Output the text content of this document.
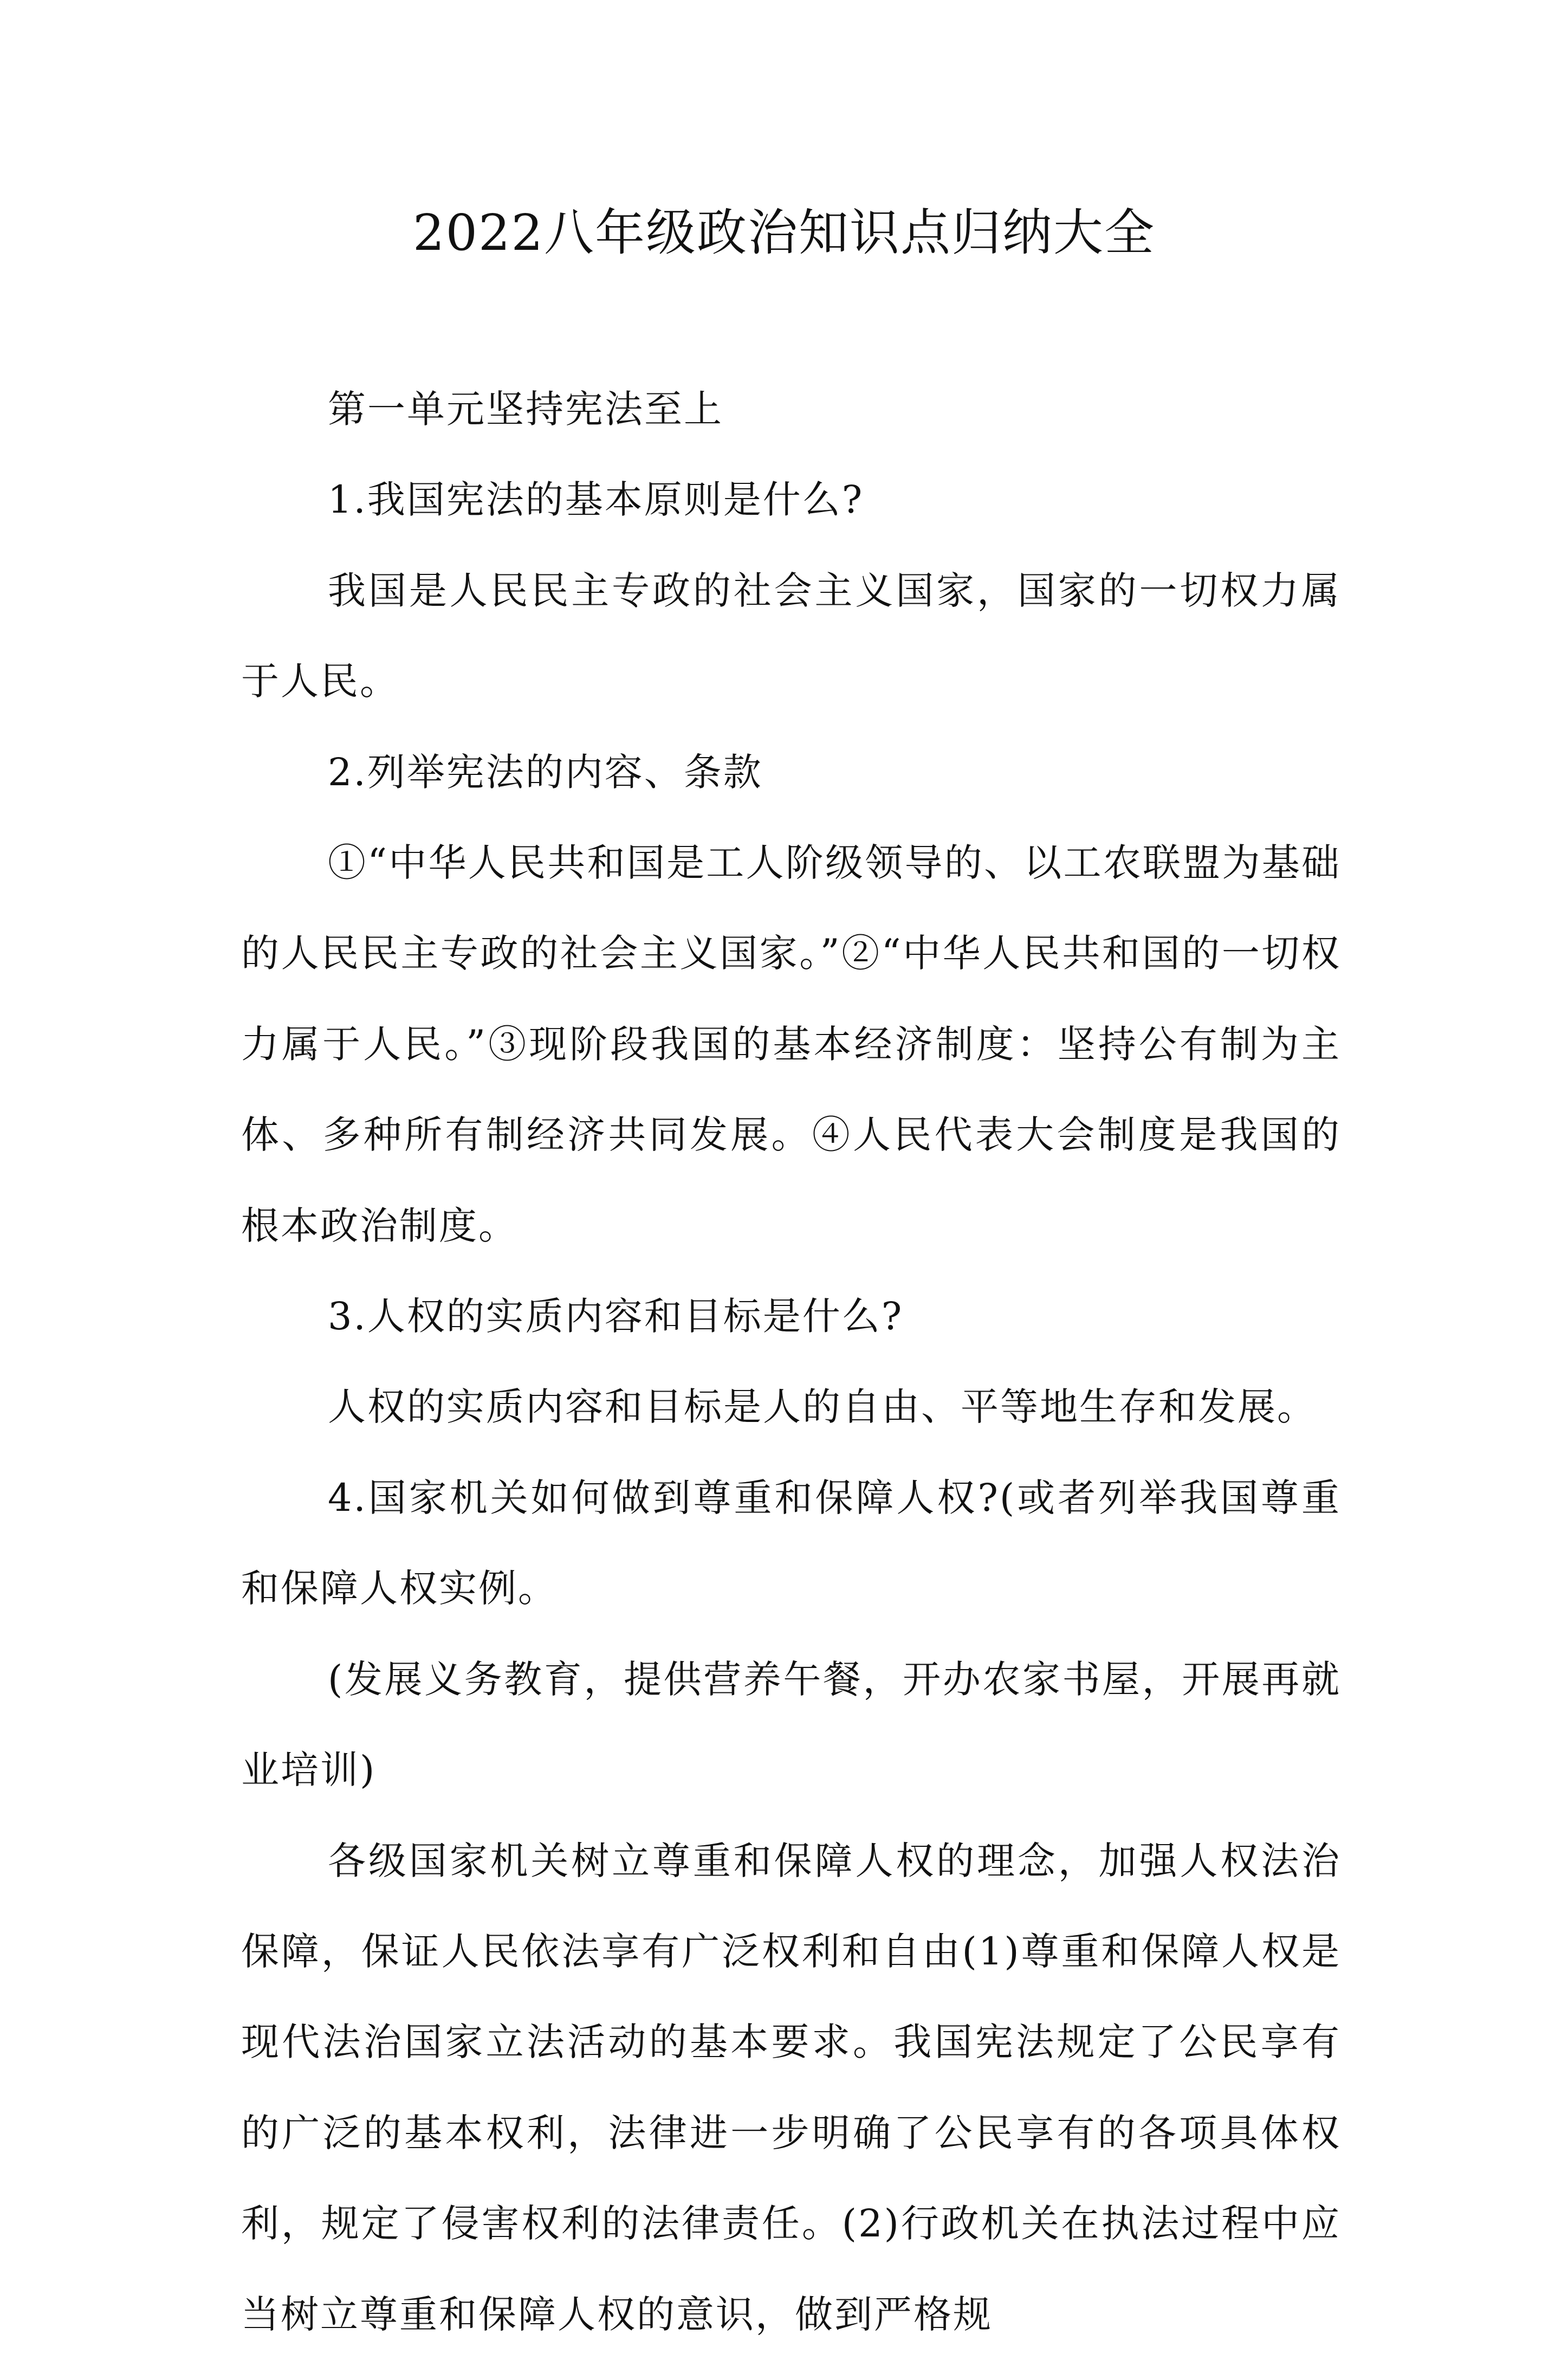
2022八年级政治知识点归纳大全

第一单元坚持宪法至上

1.我国宪法的基本原则是什么?

我国是人民民主专政的社会主义国家，国家的一切权力属于人民。

2.列举宪法的内容、条款

①“中华人民共和国是工人阶级领导的、以工农联盟为基础的人民民主专政的社会主义国家。”②“中华人民共和国的一切权力属于人民。”③现阶段我国的基本经济制度：坚持公有制为主体、多种所有制经济共同发展。④人民代表大会制度是我国的根本政治制度。

3.人权的实质内容和目标是什么?

人权的实质内容和目标是人的自由、平等地生存和发展。

4.国家机关如何做到尊重和保障人权?(或者列举我国尊重和保障人权实例。

(发展义务教育，提供营养午餐，开办农家书屋，开展再就业培训)

各级国家机关树立尊重和保障人权的理念，加强人权法治保障，保证人民依法享有广泛权利和自由(1)尊重和保障人权是现代法治国家立法活动的基本要求。我国宪法规定了公民享有的广泛的基本权利，法律进一步明确了公民享有的各项具体权利，规定了侵害权利的法律责任。(2)行政机关在执法过程中应当树立尊重和保障人权的意识，做到严格规
